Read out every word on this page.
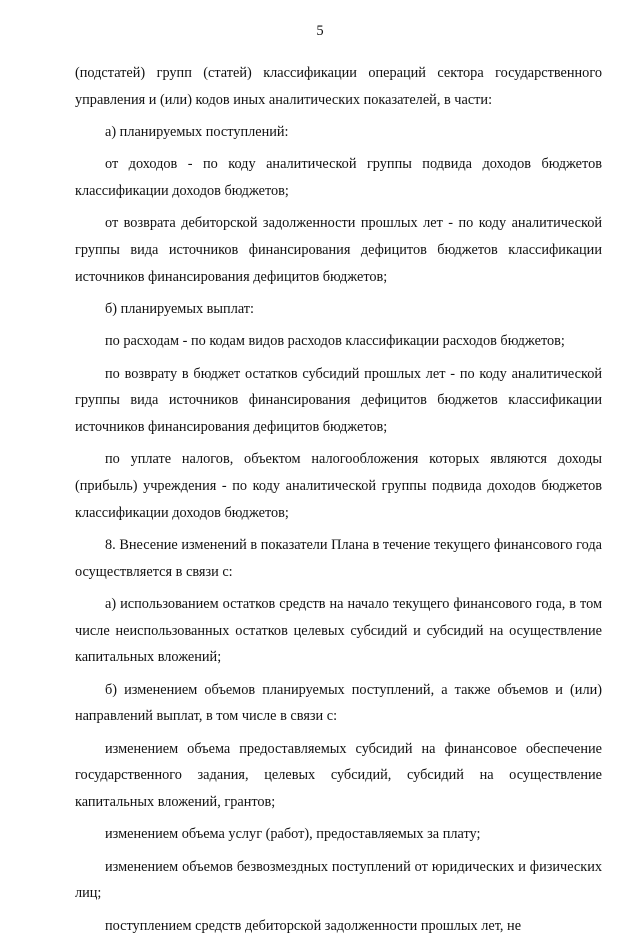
5

(подстатей) групп (статей) классификации операций сектора государственного управления и (или) кодов иных аналитических показателей, в части:

а) планируемых поступлений:

от доходов - по коду аналитической группы подвида доходов бюджетов классификации доходов бюджетов;

от возврата дебиторской задолженности прошлых лет - по коду аналитической группы вида источников финансирования дефицитов бюджетов классификации источников финансирования дефицитов бюджетов;

б) планируемых выплат:

по расходам - по кодам видов расходов классификации расходов бюджетов;

по возврату в бюджет остатков субсидий прошлых лет - по коду аналитической группы вида источников финансирования дефицитов бюджетов классификации источников финансирования дефицитов бюджетов;

по уплате налогов, объектом налогообложения которых являются доходы (прибыль) учреждения - по коду аналитической группы подвида доходов бюджетов классификации доходов бюджетов;

8. Внесение изменений в показатели Плана в течение текущего финансового года осуществляется в связи с:

а) использованием остатков средств на начало текущего финансового года, в том числе неиспользованных остатков целевых субсидий и субсидий на осуществление капитальных вложений;

б) изменением объемов планируемых поступлений, а также объемов и (или) направлений выплат, в том числе в связи с:

изменением объема предоставляемых субсидий на финансовое обеспечение государственного задания, целевых субсидий, субсидий на осуществление капитальных вложений, грантов;

изменением объема услуг (работ), предоставляемых за плату;

изменением объемов безвозмездных поступлений от юридических и физических лиц;

поступлением средств дебиторской задолженности прошлых лет, не
